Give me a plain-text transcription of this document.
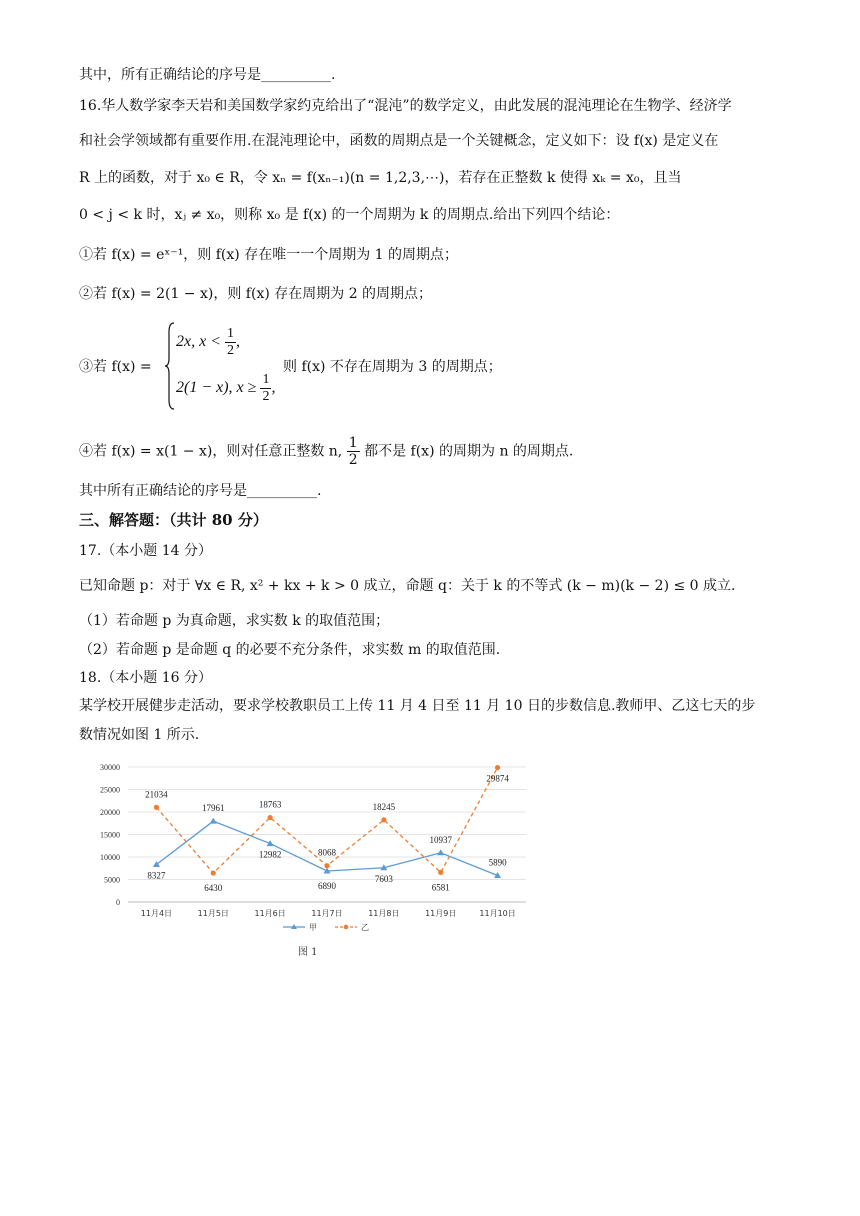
其中，所有正确结论的序号是__________.
16.华人数学家李天岩和美国数学家约克给出了“混沌”的数学定义，由此发展的混沌理论在生物学、经济学
和社会学领域都有重要作用.在混沌理论中，函数的周期点是一个关键概念，定义如下：设 f(x) 是定义在
R 上的函数，对于 x₀ ∈ R，令 xₙ = f(xₙ₋₁)(n = 1,2,3,⋯)，若存在正整数 k 使得 xₖ = x₀，且当
0 < j < k 时，xⱼ ≠ x₀，则称 x₀ 是 f(x) 的一个周期为 k 的周期点.给出下列四个结论：
①若 f(x) = eˣ⁻¹，则 f(x) 存在唯一一个周期为 1 的周期点；
②若 f(x) = 2(1 − x)，则 f(x) 存在周期为 2 的周期点；
③若 f(x) =
2x, $x < \frac{1}{2}$ ,
2(1 − x), $x \ge \frac{1}{2}$ ,
则 f(x) 不存在周期为 3 的周期点；
④若 f(x) = x(1 − x)，则对任意正整数 n, $\frac{1}{2}$ 都不是 f(x) 的周期为 n 的周期点.
其中所有正确结论的序号是__________.
三、解答题：（共计 80 分）
17.（本小题 14 分）
已知命题 p：对于 ∀x ∈ R, x² + kx + k > 0 成立，命题 q：关于 k 的不等式 (k − m)(k − 2) ≤ 0 成立.
（1）若命题 p 为真命题，求实数 k 的取值范围；
（2）若命题 p 是命题 q 的必要不充分条件，求实数 m 的取值范围.
18.（本小题 16 分）
某学校开展健步走活动，要求学校教职员工上传 11 月 4 日至 11 月 10 日的步数信息.教师甲、乙这七天的步
数情况如图 1 所示.
0
5000
10000
15000
20000
25000
30000
11月4日	11月5日	11月6日	11月7日	11月8日	11月9日	11月10日
8327
17961
12982
6890
7603
10937
5890
21034
6430
18763
8068
18245
6581
29874
甲	乙
图 1
